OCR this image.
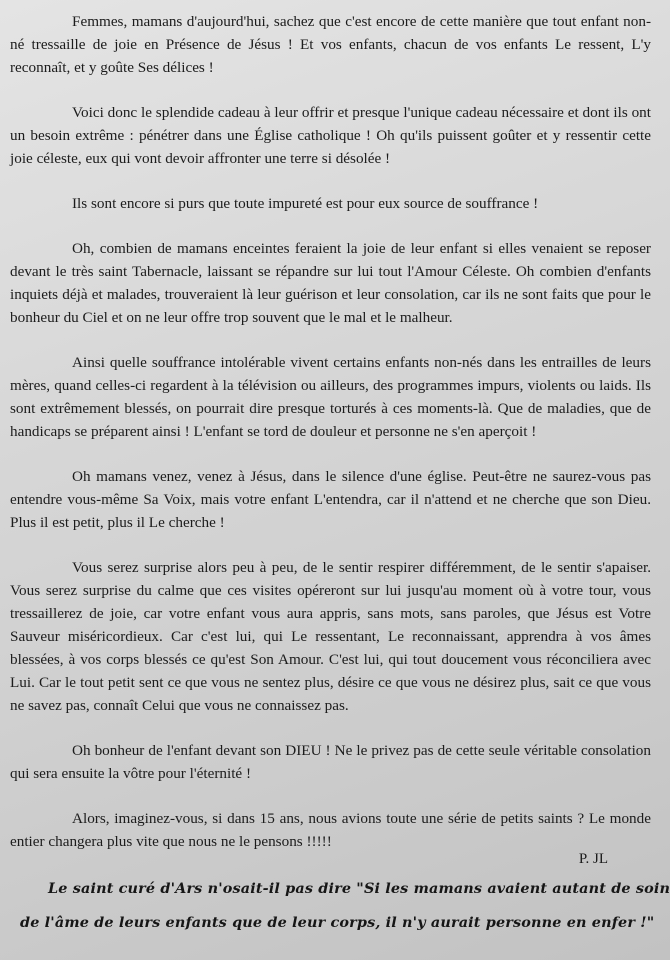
Femmes, mamans d'aujourd'hui, sachez que c'est encore de cette manière que tout enfant non-né tressaille de joie en Présence de Jésus ! Et vos enfants, chacun de vos enfants Le ressent, L'y reconnaît, et y goûte Ses délices !

Voici donc le splendide cadeau à leur offrir et presque l'unique cadeau nécessaire et dont ils ont un besoin extrême : pénétrer dans une Église catholique ! Oh qu'ils puissent goûter et y ressentir cette joie céleste, eux qui vont devoir affronter une terre si désolée !

Ils sont encore si purs que toute impureté est pour eux source de souffrance !

Oh, combien de mamans enceintes feraient la joie de leur enfant si elles venaient se reposer devant le très saint Tabernacle, laissant se répandre sur lui tout l'Amour Céleste. Oh combien d'enfants inquiets déjà et malades, trouveraient là leur guérison et leur consolation, car ils ne sont faits que pour le bonheur du Ciel et on ne leur offre trop souvent que le mal et le malheur.

Ainsi quelle souffrance intolérable vivent certains enfants non-nés dans les entrailles de leurs mères, quand celles-ci regardent à la télévision ou ailleurs, des programmes impurs, violents ou laids. Ils sont extrêmement blessés, on pourrait dire presque torturés à ces moments-là. Que de maladies, que de handicaps se préparent ainsi ! L'enfant se tord de douleur et personne ne s'en aperçoit !

Oh mamans venez, venez à Jésus, dans le silence d'une église. Peut-être ne saurez-vous pas entendre vous-même Sa Voix, mais votre enfant L'entendra, car il n'attend et ne cherche que son Dieu. Plus il est petit, plus il Le cherche !

Vous serez surprise alors peu à peu, de le sentir respirer différemment, de le sentir s'apaiser. Vous serez surprise du calme que ces visites opéreront sur lui jusqu'au moment où à votre tour, vous tressaillerez de joie, car votre enfant vous aura appris, sans mots, sans paroles, que Jésus est Votre Sauveur miséricordieux. Car c'est lui, qui Le ressentant, Le reconnaissant, apprendra à vos âmes blessées, à vos corps blessés ce qu'est Son Amour. C'est lui, qui tout doucement vous réconciliera avec Lui. Car le tout petit sent ce que vous ne sentez plus, désire ce que vous ne désirez plus, sait ce que vous ne savez pas, connaît Celui que vous ne connaissez pas.

Oh bonheur de l'enfant devant son DIEU ! Ne le privez pas de cette seule véritable consolation qui sera ensuite la vôtre pour l'éternité !

Alors, imaginez-vous, si dans 15 ans, nous avions toute une série de petits saints ? Le monde entier changera plus vite que nous ne le pensons !!!!!

P. JL
Le saint curé d'Ars n'osait-il pas dire "Si les mamans avaient autant de soin
de l'âme de leurs enfants que de leur corps, il n'y aurait personne en enfer !"
